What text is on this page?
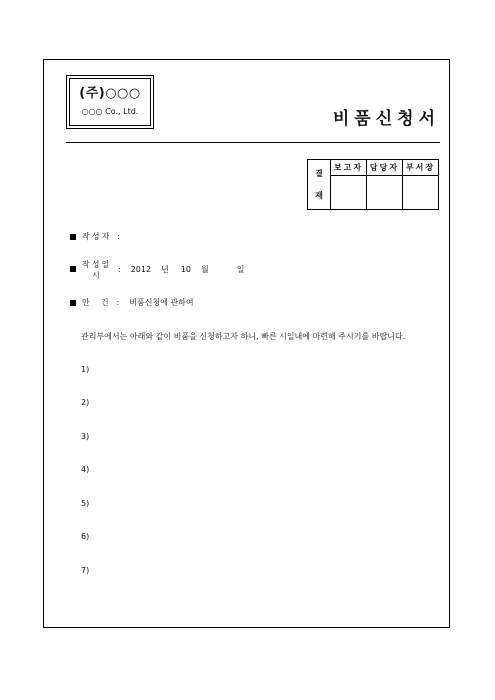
(주)○○○
○○○ Co., Ltd.	비품신청서
결
재	보고자	담당자	부서장

작성자 :
작성일
시
: 2012 년 10 월	일
안  건 : 비품신청에 관하여
관리부에서는 아래와 같이 비품을 신청하고자 하니, 빠른 시일내에 마련해 주시기를 바랍니다.
1)
2)
3)
4)
5)
6)
7)
